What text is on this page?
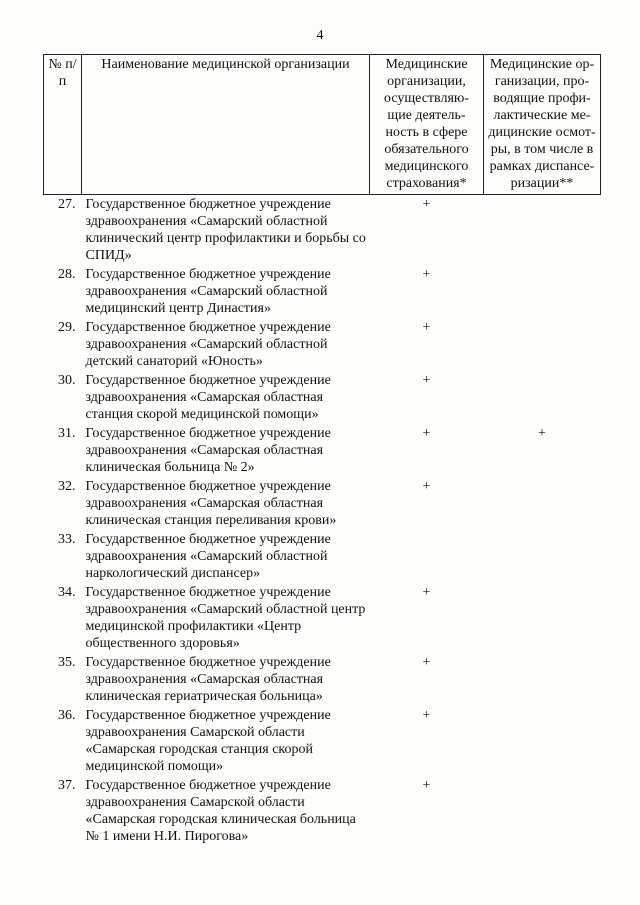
4
№ п/п	Наименование медицинской организации	Медицинские организации, осуществляю-щие деятель-ность в сфере обязательного медицинского страхования*	Медицинские ор-ганизации, про-водящие профи-лактические ме-дицинские осмот-ры, в том числе в рамках диспансе-ризации**
27.	Государственное бюджетное учреждение здравоохранения «Самарский областной клинический центр профилактики и борьбы со СПИД»	+	
28.	Государственное бюджетное учреждение здравоохранения «Самарский областной медицинский центр Династия»	+	
29.	Государственное бюджетное учреждение здравоохранения «Самарский областной детский санаторий «Юность»	+	
30.	Государственное бюджетное учреждение здравоохранения «Самарская областная станция скорой медицинской помощи»	+	
31.	Государственное бюджетное учреждение здравоохранения «Самарская областная клиническая больница № 2»	+	+
32.	Государственное бюджетное учреждение здравоохранения «Самарская областная клиническая станция переливания крови»	+	
33.	Государственное бюджетное учреждение здравоохранения «Самарский областной наркологический диспансер»		
34.	Государственное бюджетное учреждение здравоохранения «Самарский областной центр медицинской профилактики «Центр общественного здоровья»	+	
35.	Государственное бюджетное учреждение здравоохранения «Самарская областная клиническая гериатрическая больница»	+	
36.	Государственное бюджетное учреждение здравоохранения Самарской области «Самарская городская станция скорой медицинской помощи»	+	
37.	Государственное бюджетное учреждение здравоохранения Самарской области «Самарская городская клиническая больница № 1 имени Н.И. Пирогова»	+	
